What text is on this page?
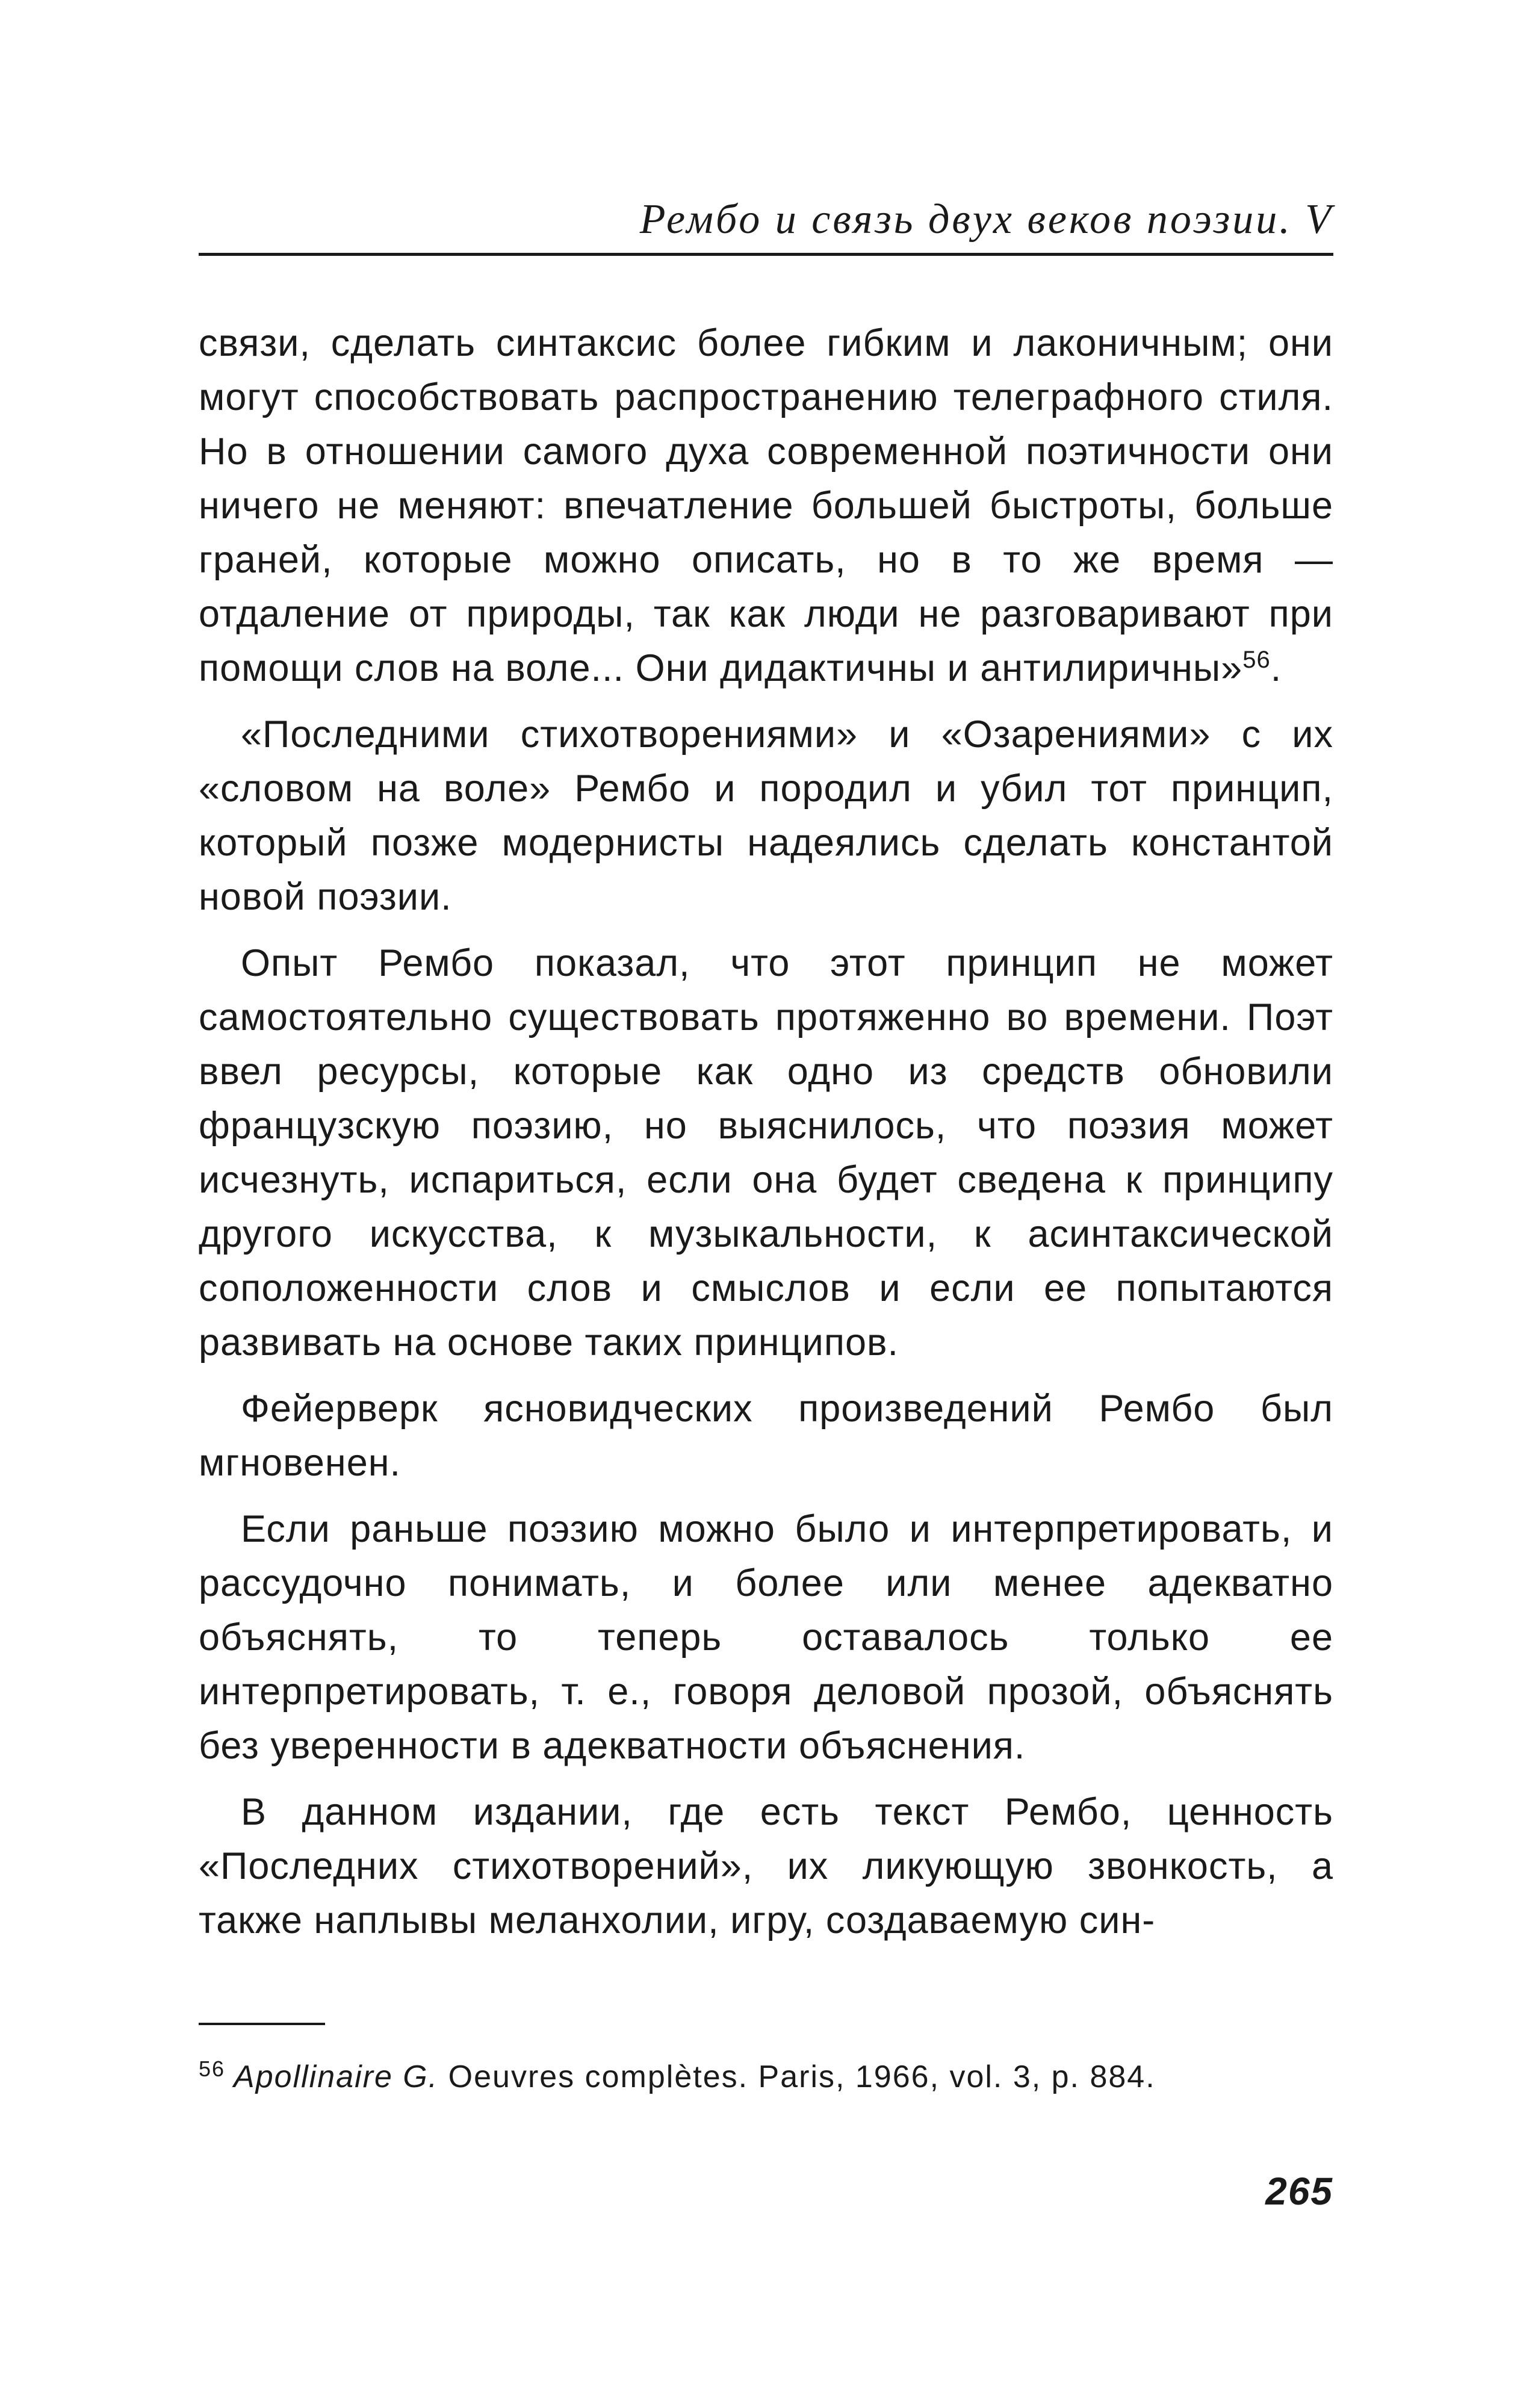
Рембо и связь двух веков поэзии. V

связи, сделать синтаксис более гибким и лаконичным; они могут способствовать распространению телеграфного стиля. Но в отношении самого духа современной поэтичности они ничего не меняют: впечатление большей быстроты, больше граней, которые можно описать, но в то же время — отдаление от природы, так как люди не разговаривают при помощи слов на воле... Они дидактичны и антилиричны»$^{56}$.

«Последними стихотворениями» и «Озарениями» с их «словом на воле» Рембо и породил и убил тот принцип, который позже модернисты надеялись сделать константой новой поэзии.

Опыт Рембо показал, что этот принцип не может самостоятельно существовать протяженно во времени. Поэт ввел ресурсы, которые как одно из средств обновили французскую поэзию, но выяснилось, что поэзия может исчезнуть, испариться, если она будет сведена к принципу другого искусства, к музыкальности, к асинтаксической соположенности слов и смыслов и если ее попытаются развивать на основе таких принципов.

Фейерверк ясновидческих произведений Рембо был мгновенен.

Если раньше поэзию можно было и интерпретировать, и рассудочно понимать, и более или менее адекватно объяснять, то теперь оставалось только ее интерпретировать, т. е., говоря деловой прозой, объяснять без уверенности в адекватности объяснения.

В данном издании, где есть текст Рембо, ценность «Последних стихотворений», их ликующую звонкость, а также наплывы меланхолии, игру, создаваемую син-

$^{56}$ Apollinaire G. Oeuvres complètes. Paris, 1966, vol. 3, p. 884.
265
